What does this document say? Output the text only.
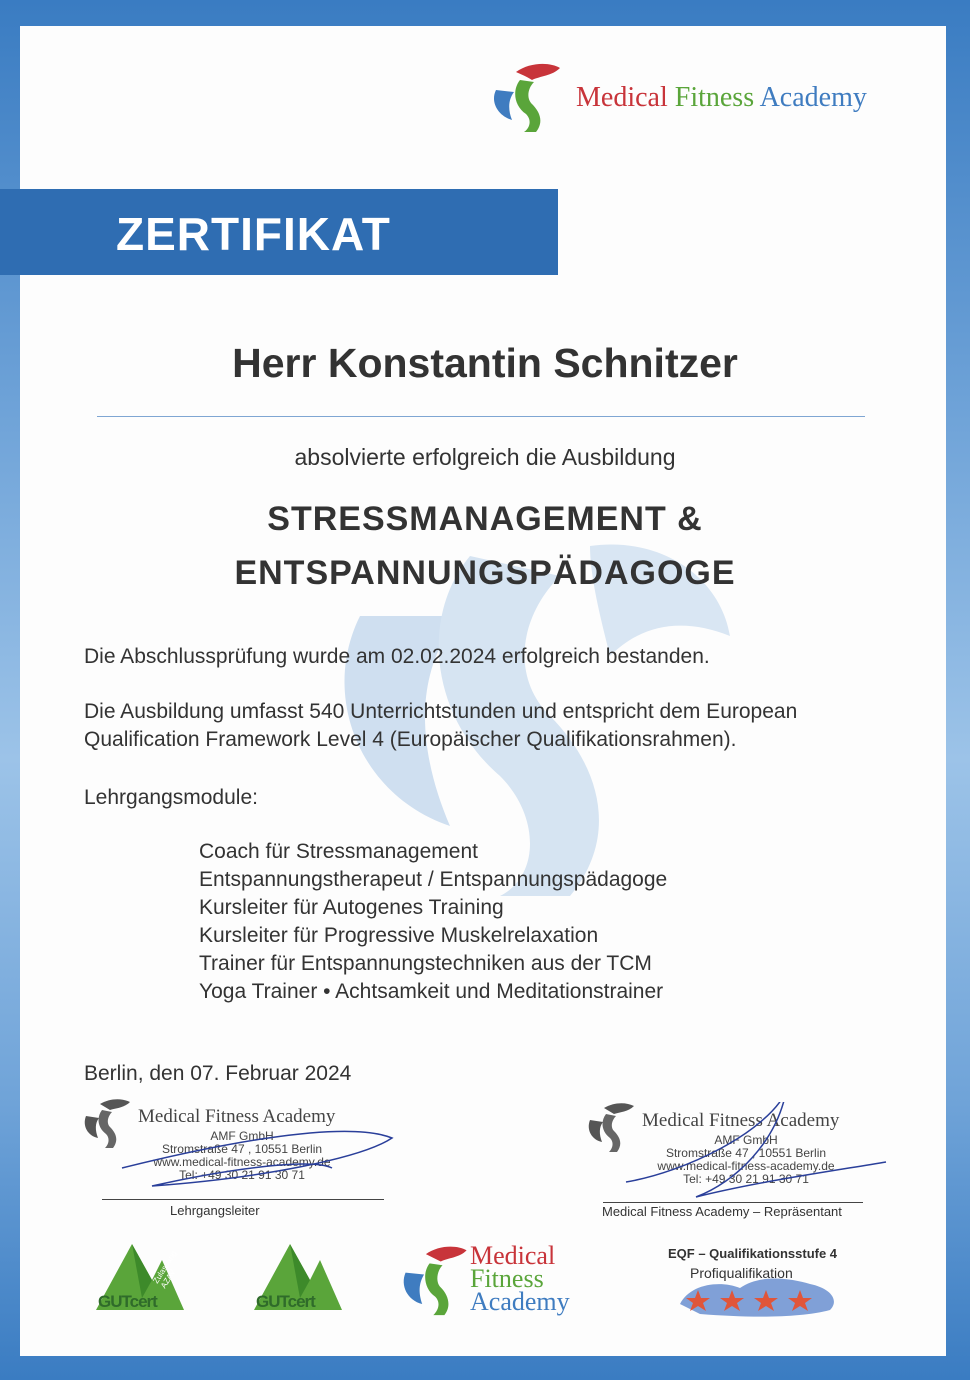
Medical Fitness Academy
ZERTIFIKAT
Herr Konstantin Schnitzer
absolvierte erfolgreich die Ausbildung
STRESSMANAGEMENT &
ENTSPANNUNGSPÄDAGOGE
Die Abschlussprüfung wurde am 02.02.2024 erfolgreich bestanden.
Die Ausbildung umfasst 540 Unterrichtstunden und entspricht dem European
Qualification Framework Level 4 (Europäischer Qualifikationsrahmen).
Lehrgangsmodule:
Coach für Stressmanagement
Entspannungstherapeut / Entspannungspädagoge
Kursleiter für Autogenes Training
Kursleiter für Progressive Muskelrelaxation
Trainer für Entspannungstechniken aus der TCM
Yoga Trainer • Achtsamkeit und Meditationstrainer
Berlin, den 07. Februar 2024
Medical Fitness Academy
AMF GmbH
Stromstraße 47 , 10551 Berlin
www.medical-fitness-academy.de
Tel: +49 30 21 91 30 71
Lehrgangsleiter
Medical Fitness Academy
AMF GmbH
Stromstraße 47 , 10551 Berlin
www.medical-fitness-academy.de
Tel: +49 30 21 91 30 71
Medical Fitness Academy – Repräsentant
Zulassung AZAV
GUTcert	GUTcert
Medical
Fitness
Academy
EQF – Qualifikationsstufe 4
Profiqualifikation
